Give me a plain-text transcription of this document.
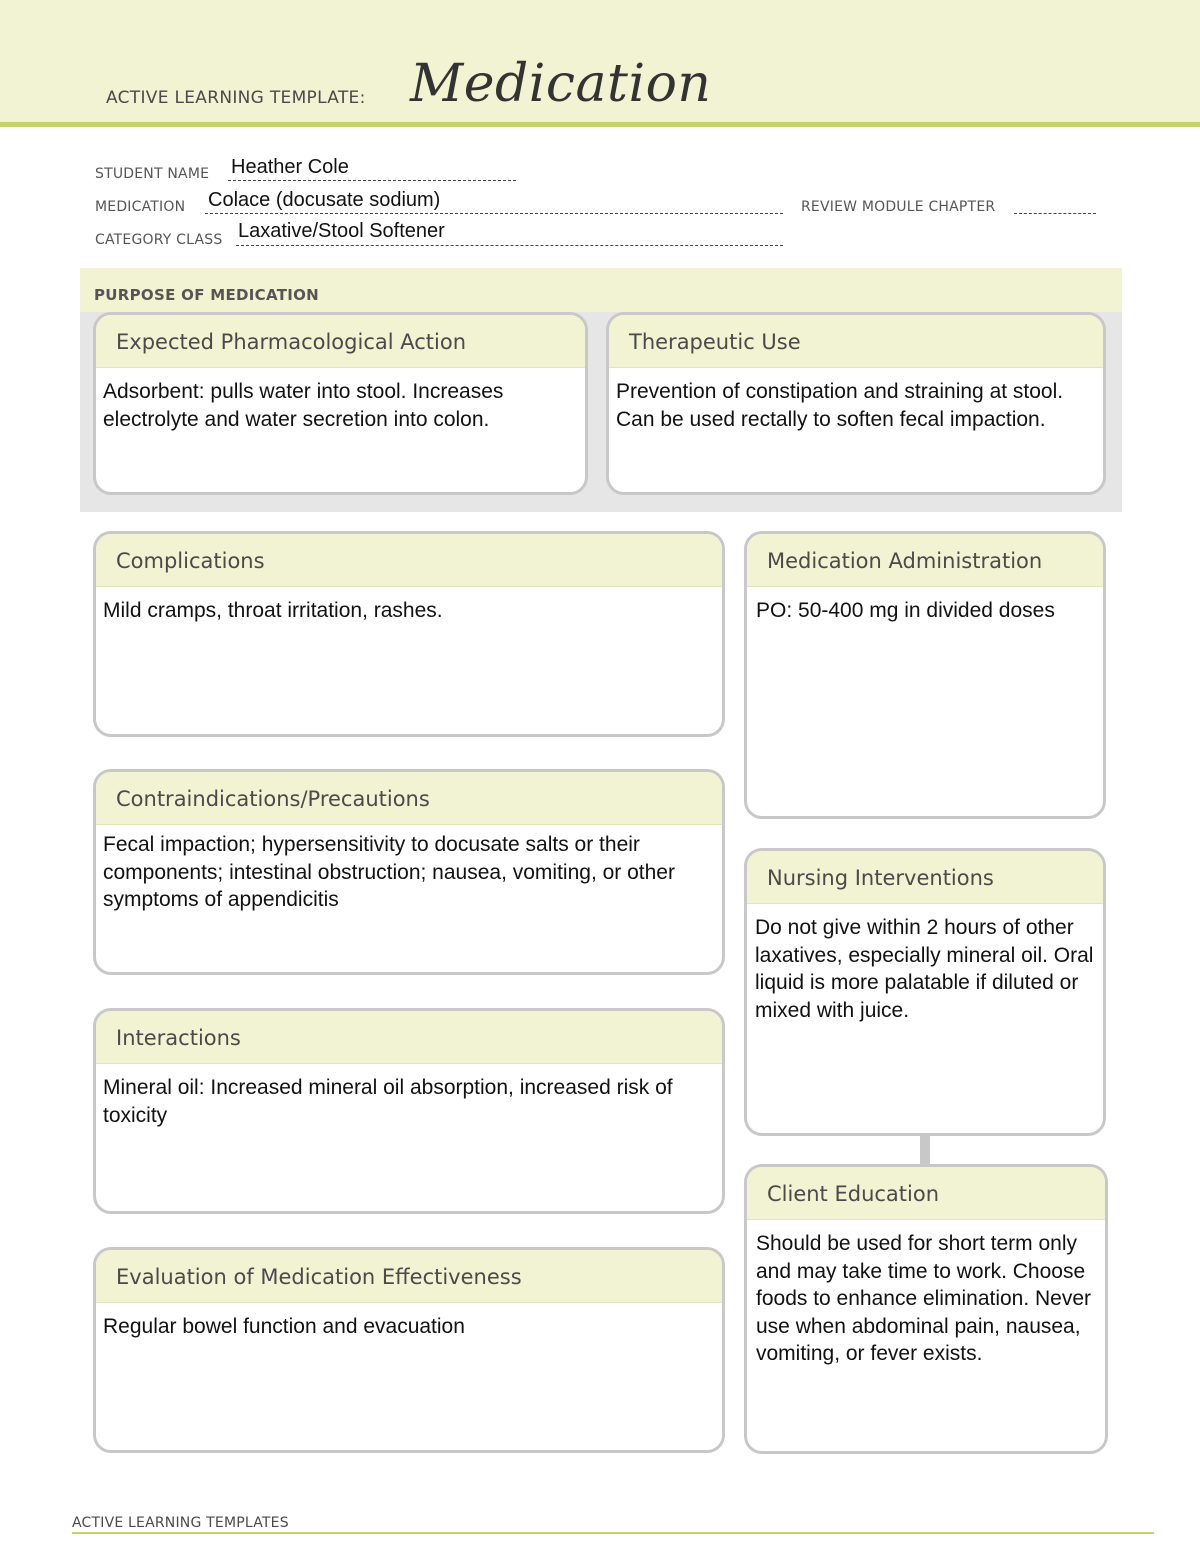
ACTIVE LEARNING TEMPLATE: Medication
STUDENT NAME Heather Cole
MEDICATION Colace (docusate sodium)	REVIEW MODULE CHAPTER
CATEGORY CLASS Laxative/Stool Softener
PURPOSE OF MEDICATION
Expected Pharmacological Action
Adsorbent: pulls water into stool. Increases electrolyte and water secretion into colon.
Therapeutic Use
Prevention of constipation and straining at stool. Can be used rectally to soften fecal impaction.
Complications
Mild cramps, throat irritation, rashes.
Contraindications/Precautions
Fecal impaction; hypersensitivity to docusate salts or their components; intestinal obstruction; nausea, vomiting, or other symptoms of appendicitis
Interactions
Mineral oil: Increased mineral oil absorption, increased risk of toxicity
Evaluation of Medication Effectiveness
Regular bowel function and evacuation
Medication Administration
PO: 50-400 mg in divided doses
Nursing Interventions
Do not give within 2 hours of other laxatives, especially mineral oil. Oral liquid is more palatable if diluted or mixed with juice.
Client Education
Should be used for short term only and may take time to work. Choose foods to enhance elimination. Never use when abdominal pain, nausea, vomiting, or fever exists.
ACTIVE LEARNING TEMPLATES
